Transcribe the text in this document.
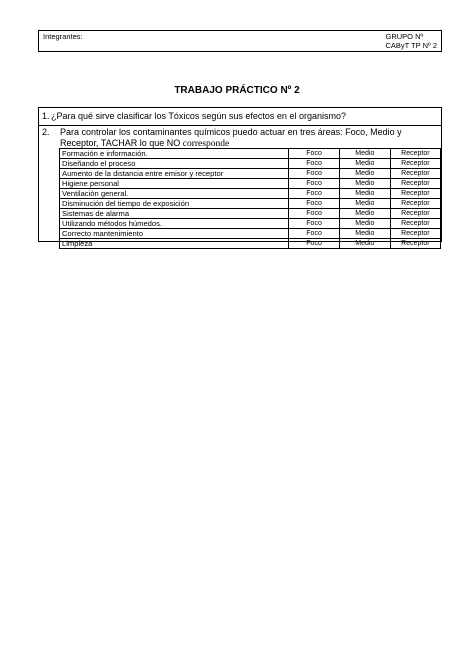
Integrantes:	GRUPO Nº
CAByT TP Nº 2
TRABAJO PRÁCTICO Nº 2
1. ¿Para qué sirve clasificar los Tóxicos según sus efectos en el organismo?
2. Para controlar los contaminantes químicos puedo actuar en tres áreas: Foco, Medio y Receptor, TACHAR lo que NO corresponde
Formación e información.	Foco	Medio	Receptor
Diseñando el proceso	Foco	Medio	Receptor
Aumento de la distancia entre emisor y receptor	Foco	Medio	Receptor
Higiene personal	Foco	Medio	Receptor
Ventilación general.	Foco	Medio	Receptor
Disminución del tiempo de exposición	Foco	Medio	Receptor
Sistemas de alarma	Foco	Medio	Receptor
Utilizando métodos húmedos.	Foco	Medio	Receptor
Correcto mantenimiento	Foco	Medio	Receptor
Limpieza	Foco	Medio	Receptor
